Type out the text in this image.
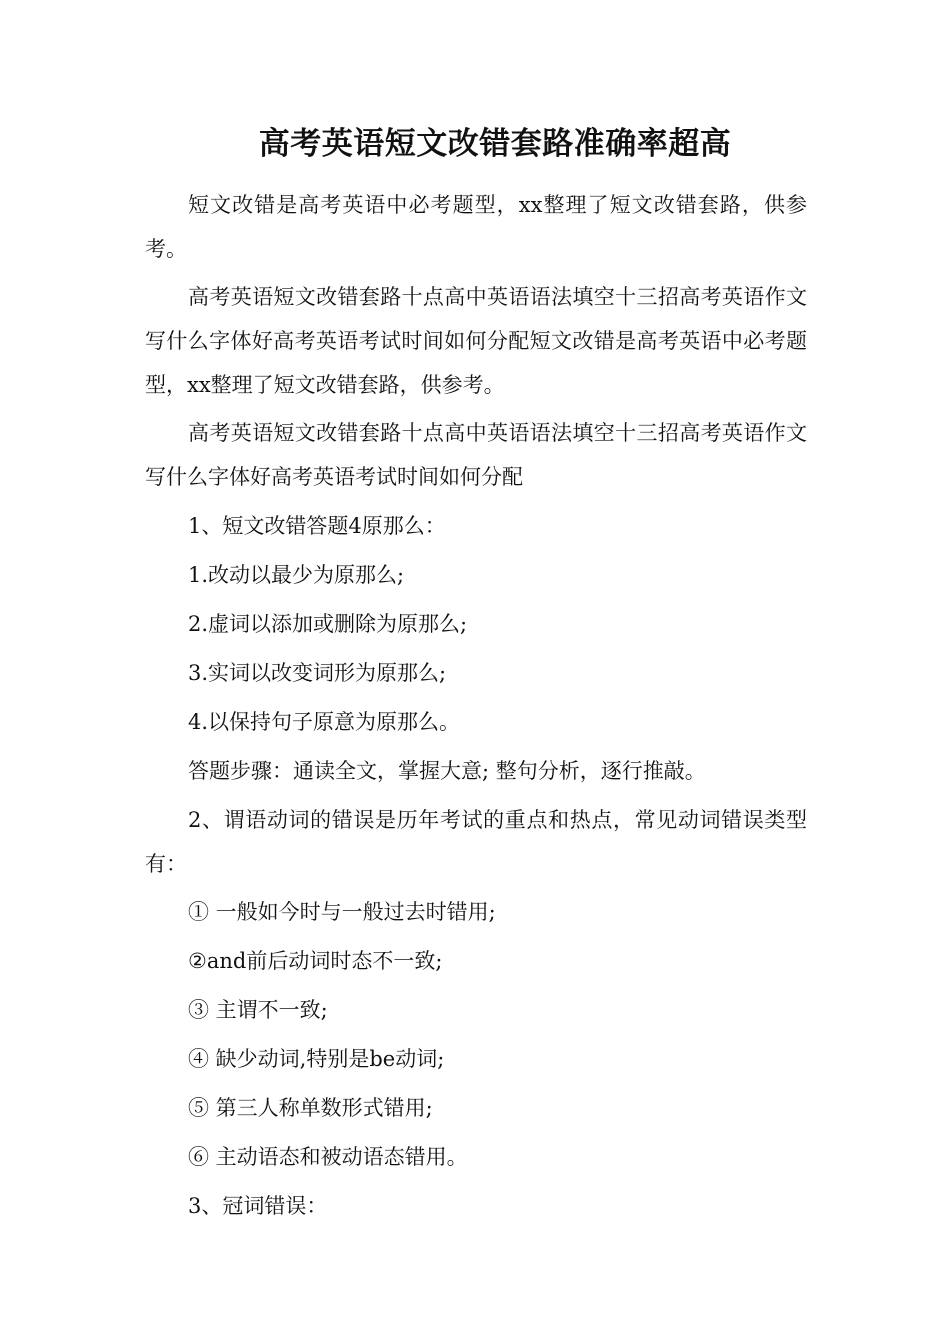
高考英语短文改错套路准确率超高

短文改错是高考英语中必考题型，xx整理了短文改错套路，供参考。

高考英语短文改错套路十点高中英语语法填空十三招高考英语作文写什么字体好高考英语考试时间如何分配短文改错是高考英语中必考题型，xx整理了短文改错套路，供参考。

高考英语短文改错套路十点高中英语语法填空十三招高考英语作文写什么字体好高考英语考试时间如何分配

1、短文改错答题4原那么：

1.改动以最少为原那么;

2.虚词以添加或删除为原那么;

3.实词以改变词形为原那么;

4.以保持句子原意为原那么。

答题步骤：通读全文，掌握大意; 整句分析，逐行推敲。

2、谓语动词的错误是历年考试的重点和热点，常见动词错误类型有：

① 一般如今时与一般过去时错用;

②and前后动词时态不一致;

③ 主谓不一致;

④ 缺少动词,特别是be动词;

⑤ 第三人称单数形式错用;

⑥ 主动语态和被动语态错用。

3、冠词错误：
